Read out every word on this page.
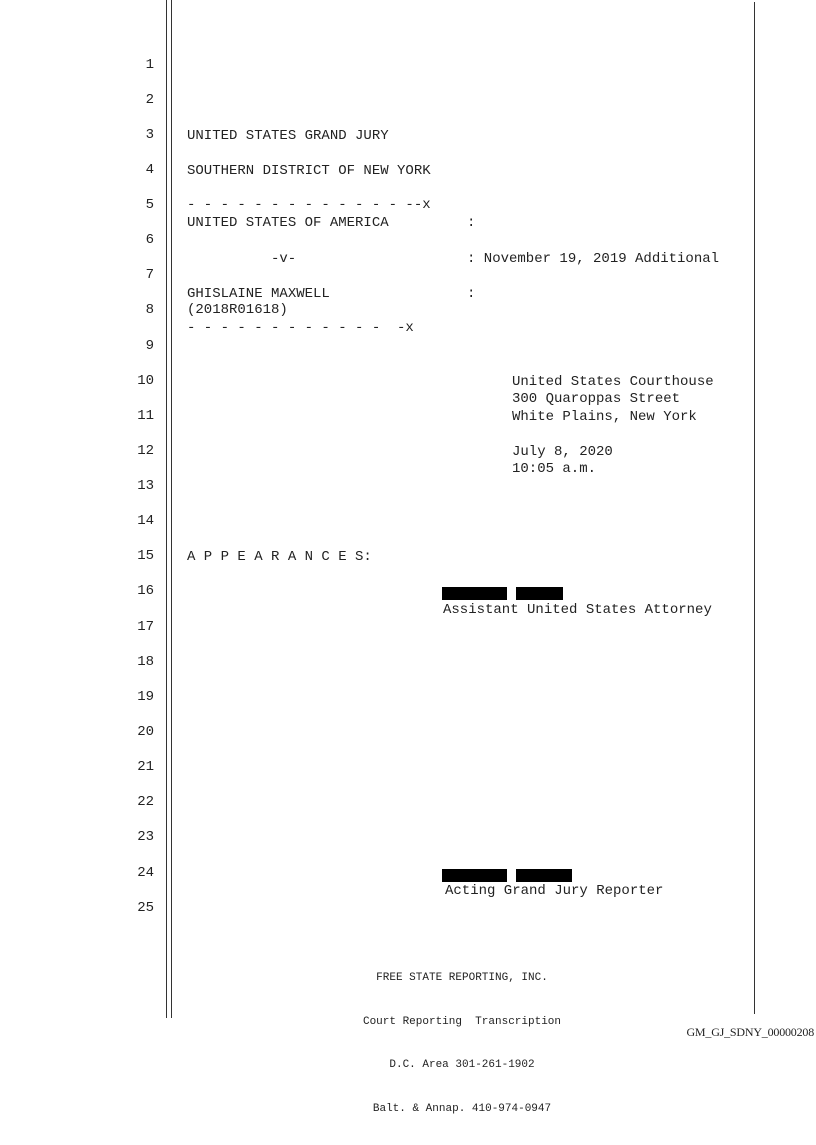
1
2
3
4
5
6
7
8
9
10
11
12
13
14
15
16
17
18
19
20
21
22
23
24
25
UNITED STATES GRAND JURY
SOUTHERN DISTRICT OF NEW YORK
- - - - - - - - - - - - - --x
UNITED STATES OF AMERICA	:
-v-	: November 19, 2019 Additional
GHISLAINE MAXWELL	:
(2018R01618)
- - - - - - - - - - - -  -x
United States Courthouse
300 Quaroppas Street
White Plains, New York
July 8, 2020
10:05 a.m.
A P P E A R A N C E S:
Assistant United States Attorney
Acting Grand Jury Reporter

FREE STATE REPORTING, INC.

Court Reporting  Transcription

D.C. Area 301-261-1902

Balt. & Annap. 410-974-0947

GM_GJ_SDNY_00000208
